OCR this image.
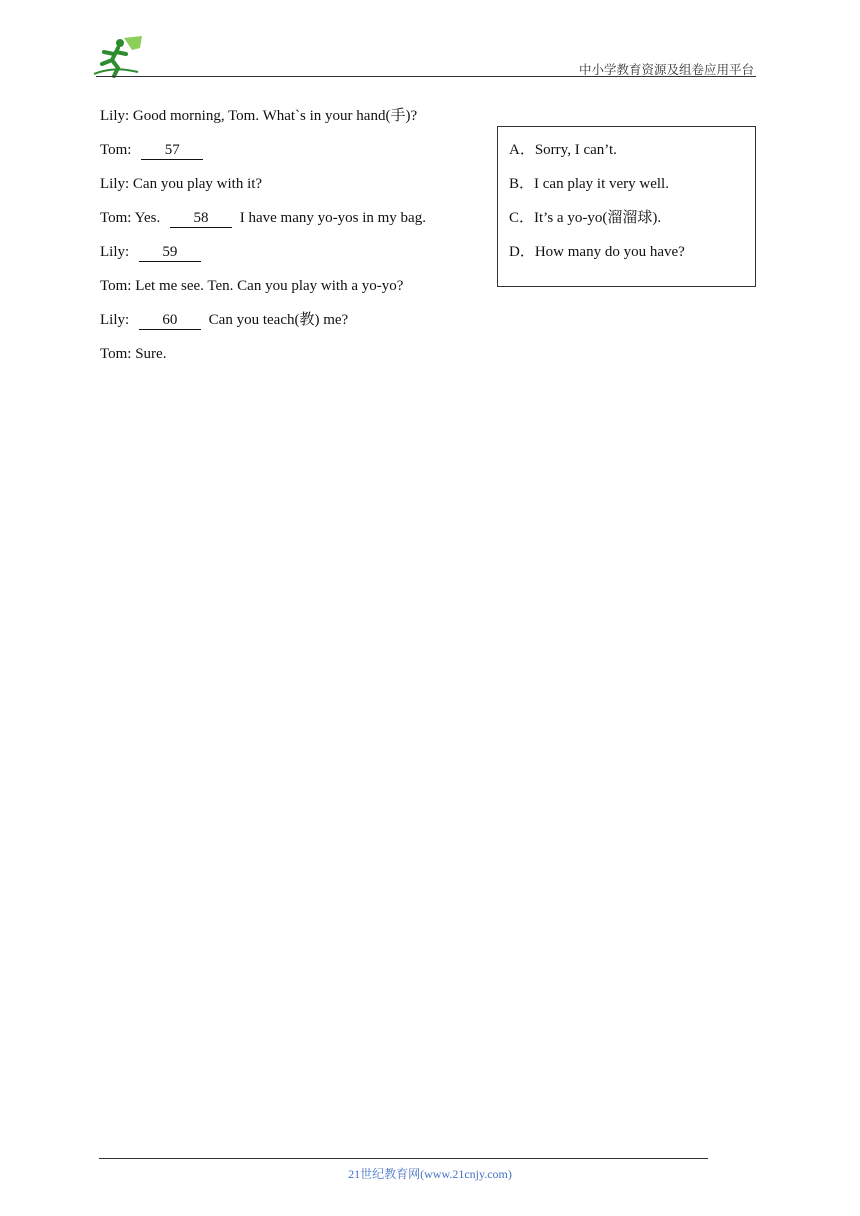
中小学教育资源及组卷应用平台
Lily: Good morning, Tom. What`s in your hand(手)?
Tom: 57
Lily: Can you play with it?
Tom: Yes. 58 I have many yo-yos in my bag.
Lily: 59
Tom: Let me see. Ten. Can you play with a yo-yo?
Lily: 60 Can you teach(教) me?
Tom: Sure.
A．Sorry, I can’t.
B．I can play it very well.
C．It’s a yo-yo(溜溜球).
D．How many do you have?
21世纪教育网(www.21cnjy.com)
